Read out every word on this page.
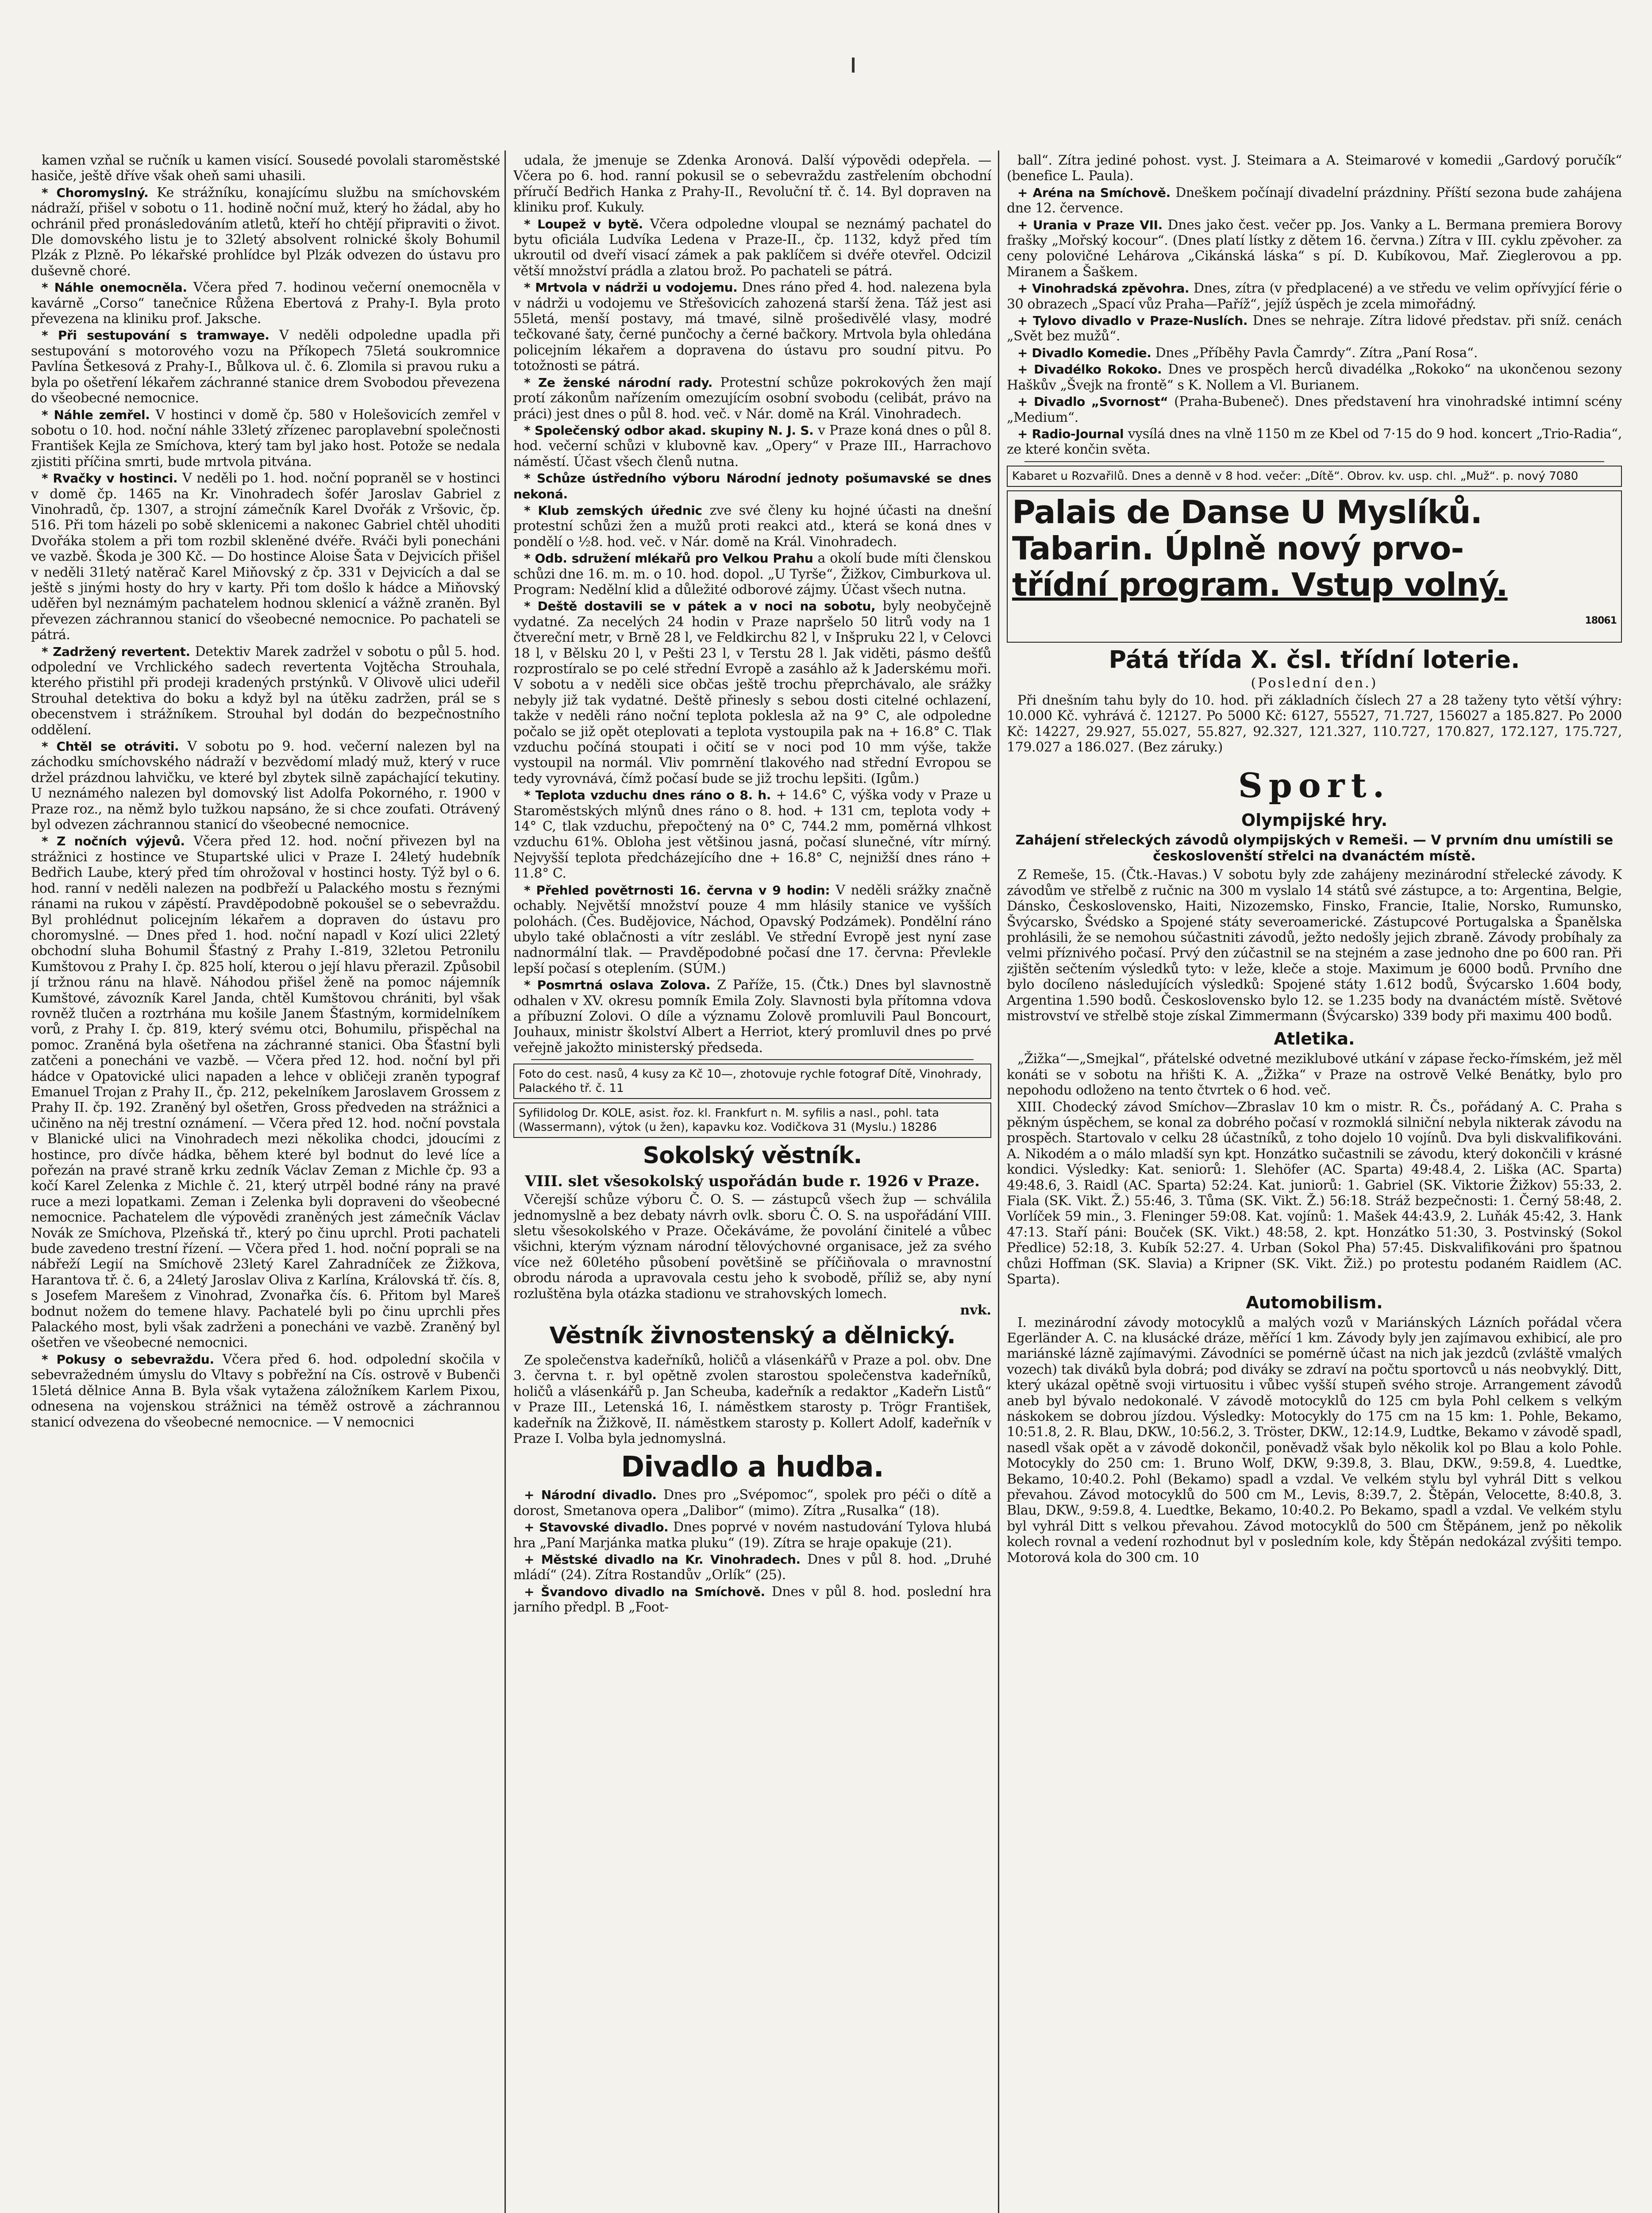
kamen vzňal se ručník u kamen visící. Sousedé povolali staroměstské hasiče, ještě dříve však oheň sami uhasili.

* Choromyslný. Ke strážníku, konajícímu službu na smíchovském nádraží, přišel v sobotu o 11. hodině noční muž, který ho žádal, aby ho ochránil před pronásledováním atletů, kteří ho chtějí připraviti o život. Dle domovského listu je to 32letý absolvent rolnické školy Bohumil Plzák z Plzně. Po lékařské prohlídce byl Plzák odvezen do ústavu pro duševně choré.

* Náhle onemocněla. Včera před 7. hodinou večerní onemocněla v kavárně „Corso“ tanečnice Růžena Ebertová z Prahy-I. Byla proto převezena na kliniku prof. Jaksche.

* Při sestupování s tramwaye. V neděli odpoledne upadla při sestupování s motorového vozu na Příkopech 75letá soukromnice Pavlína Šetkesová z Prahy-I., Bůlkova ul. č. 6. Zlomila si pravou ruku a byla po ošetření lékařem záchranné stanice drem Svobodou převezena do všeobecné nemocnice.

* Náhle zemřel. V hostinci v domě čp. 580 v Holešovicích zemřel v sobotu o 10. hod. noční náhle 33letý zřízenec paroplavební společnosti František Kejla ze Smíchova, který tam byl jako host. Potože se nedala zjistiti příčina smrti, bude mrtvola pitvána.

* Rvačky v hostinci. V neděli po 1. hod. noční popraněl se v hostinci v domě čp. 1465 na Kr. Vinohradech šofér Jaroslav Gabriel z Vinohradů, čp. 1307, a strojní zámečník Karel Dvořák z Vršovic, čp. 516. Při tom házeli po sobě sklenicemi a nakonec Gabriel chtěl uhoditi Dvořáka stolem a při tom rozbil skleněné dvéře. Rváči byli ponecháni ve vazbě. Škoda je 300 Kč. — Do hostince Aloise Šata v Dejvicích přišel v neděli 31letý natěrač Karel Miňovský z čp. 331 v Dejvicích a dal se ještě s jinými hosty do hry v karty. Při tom došlo k hádce a Miňovský uděřen byl neznámým pachatelem hodnou sklenicí a vážně zraněn. Byl převezen záchrannou stanicí do všeobecné nemocnice. Po pachateli se pátrá.

* Zadržený revertent. Detektiv Marek zadržel v sobotu o půl 5. hod. odpolední ve Vrchlického sadech revertenta Vojtěcha Strouhala, kterého přistihl při prodeji kradených prstýnků. V Olivově ulici udeřil Strouhal detektiva do boku a když byl na útěku zadržen, prál se s obecenstvem i strážníkem. Strouhal byl dodán do bezpečnostního oddělení.

* Chtěl se otráviti. V sobotu po 9. hod. večerní nalezen byl na záchodku smíchovského nádraží v bezvědomí mladý muž, který v ruce držel prázdnou lahvičku, ve které byl zbytek silně zapáchající tekutiny. U neznámého nalezen byl domovský list Adolfa Pokorného, r. 1900 v Praze roz., na němž bylo tužkou napsáno, že si chce zoufati. Otrávený byl odvezen záchrannou stanicí do všeobecné nemocnice.

* Z nočních výjevů. Včera před 12. hod. noční přivezen byl na strážnici z hostince ve Stupartské ulici v Praze I. 24letý hudebník Bedřich Laube, který před tím ohrožoval v hostinci hosty. Týž byl o 6. hod. ranní v neděli nalezen na podbřeží u Palackého mostu s řeznými ránami na rukou v zápěstí. Pravděpodobně pokoušel se o sebevraždu. Byl prohlédnut policejním lékařem a dopraven do ústavu pro choromyslné. — Dnes před 1. hod. noční napadl v Kozí ulici 22letý obchodní sluha Bohumil Šťastný z Prahy I.-819, 32letou Petronilu Kumštovou z Prahy I. čp. 825 holí, kterou o její hlavu přerazil. Způsobil jí tržnou ránu na hlavě. Náhodou přišel ženě na pomoc nájemník Kumštové, závozník Karel Janda, chtěl Kumštovou chrániti, byl však rovněž tlučen a roztrhána mu košile Janem Šťastným, kormidelníkem vorů, z Prahy I. čp. 819, který svému otci, Bohumilu, přispěchal na pomoc. Zraněná byla ošetřena na záchranné stanici. Oba Šťastní byli zatčeni a ponecháni ve vazbě. — Včera před 12. hod. noční byl při hádce v Opatovické ulici napaden a lehce v obličeji zraněn typograf Emanuel Trojan z Prahy II., čp. 212, pekelníkem Jaroslavem Grossem z Prahy II. čp. 192. Zraněný byl ošetřen, Gross předveden na strážnici a učiněno na něj trestní oznámení. — Včera před 12. hod. noční povstala v Blanické ulici na Vinohradech mezi několika chodci, jdoucími z hostince, pro dívče hádka, během které byl bodnut do levé líce a pořezán na pravé straně krku zedník Václav Zeman z Michle čp. 93 a kočí Karel Zelenka z Michle č. 21, který utrpěl bodné rány na pravé ruce a mezi lopatkami. Zeman i Zelenka byli dopraveni do všeobecné nemocnice. Pachatelem dle výpovědi zraněných jest zámečník Václav Novák ze Smíchova, Plzeňská tř., který po činu uprchl. Proti pachateli bude zavedeno trestní řízení. — Včera před 1. hod. noční poprali se na nábřeží Legií na Smíchově 23letý Karel Zahradníček ze Žižkova, Harantova tř. č. 6, a 24letý Jaroslav Oliva z Karlína, Královská tř. čís. 8, s Josefem Marešem z Vinohrad, Zvonařka čís. 6. Přitom byl Mareš bodnut nožem do temene hlavy. Pachatelé byli po činu uprchli přes Palackého most, byli však zadrženi a ponecháni ve vazbě. Zraněný byl ošetřen ve všeobecné nemocnici.

* Pokusy o sebevraždu. Včera před 6. hod. odpolední skočila v sebevražedném úmyslu do Vltavy s pobřežní na Cís. ostrově v Bubenči 15letá dělnice Anna B. Byla však vytažena záložníkem Karlem Pixou, odnesena na vojenskou strážnici na téměž ostrově a záchrannou stanicí odvezena do všeobecné nemocnice. — V nemocnici

udala, že jmenuje se Zdenka Aronová. Další výpovědi odepřela. — Včera po 6. hod. ranní pokusil se o sebevraždu zastřelením obchodní příručí Bedřich Hanka z Prahy-II., Revoluční tř. č. 14. Byl dopraven na kliniku prof. Kukuly.

* Loupež v bytě. Včera odpoledne vloupal se neznámý pachatel do bytu oficiála Ludvíka Ledena v Praze-II., čp. 1132, když před tím ukroutil od dveří visací zámek a pak paklíčem si dvéře otevřel. Odcizil větší množství prádla a zlatou brož. Po pachateli se pátrá.

* Mrtvola v nádrži u vodojemu. Dnes ráno před 4. hod. nalezena byla v nádrži u vodojemu ve Střešovicích zahozená starší žena. Táž jest asi 55letá, menší postavy, má tmavé, silně prošedivělé vlasy, modré tečkované šaty, černé punčochy a černé bačkory. Mrtvola byla ohledána policejním lékařem a dopravena do ústavu pro soudní pitvu. Po totožnosti se pátrá.

* Ze ženské národní rady. Protestní schůze pokrokových žen mají protí zákonům nařízením omezujícím osobní svobodu (celibát, právo na práci) jest dnes o půl 8. hod. več. v Nár. domě na Král. Vinohradech.

* Společenský odbor akad. skupiny N. J. S. v Praze koná dnes o půl 8. hod. večerní schůzi v klubovně kav. „Opery“ v Praze III., Harrachovo náměstí. Účast všech členů nutna.

* Schůze ústředního výboru Národní jednoty pošumavské se dnes nekoná.

* Klub zemských úřednic zve své členy ku hojné účasti na dnešní protestní schůzi žen a mužů proti reakci atd., která se koná dnes v pondělí o ½8. hod. več. v Nár. domě na Král. Vinohradech.

* Odb. sdružení mlékařů pro Velkou Prahu a okolí bude míti členskou schůzi dne 16. m. m. o 10. hod. dopol. „U Tyrše“, Žižkov, Cimburkova ul. Program: Nedělní klid a důležité odborové zájmy. Účast všech nutna.

* Deště dostavili se v pátek a v noci na sobotu, byly neobyčejně vydatné. Za necelých 24 hodin v Praze napršelo 50 litrů vody na 1 čtvereční metr, v Brně 28 l, ve Feldkirchu 82 l, v Inšpruku 22 l, v Celovci 18 l, v Bělsku 20 l, v Pešti 23 l, v Terstu 28 l. Jak viděti, pásmo dešťů rozprostíralo se po celé střední Evropě a zasáhlo až k Jaderskému moři. V sobotu a v neděli sice občas ještě trochu přeprchávalo, ale srážky nebyly již tak vydatné. Deště přinesly s sebou dosti citelné ochlazení, takže v neděli ráno noční teplota poklesla až na 9° C, ale odpoledne počalo se již opět oteplovati a teplota vystoupila pak na + 16.8° C. Tlak vzduchu počíná stoupati i očití se v noci pod 10 mm výše, takže vystoupil na normál. Vliv pomrnění tlakového nad střední Evropou se tedy vyrovnává, čímž počasí bude se již trochu lepšiti. (Igům.)

* Teplota vzduchu dnes ráno o 8. h. + 14.6° C, výška vody v Praze u Staroměstských mlýnů dnes ráno o 8. hod. + 131 cm, teplota vody + 14° C, tlak vzduchu, přepočtený na 0° C, 744.2 mm, poměrná vlhkost vzduchu 61%. Obloha jest většinou jasná, počasí slunečné, vítr mírný. Nejvyšší teplota předcházejícího dne + 16.8° C, nejnižší dnes ráno + 11.8° C.

* Přehled povětrnosti 16. června v 9 hodin: V neděli srážky značně ochably. Největší množství pouze 4 mm hlásily stanice ve vyšších polohách. (Čes. Budějovice, Náchod, Opavský Podzámek). Pondělní ráno ubylo také oblačnosti a vítr zeslábl. Ve střední Evropě jest nyní zase nadnormální tlak. — Pravděpodobné počasí dne 17. června: Převlekle lepší počasí s oteplením. (SÚM.)

* Posmrtná oslava Zolova. Z Paříže, 15. (Čtk.) Dnes byl slavnostně odhalen v XV. okresu pomník Emila Zoly. Slavnosti byla přítomna vdova a příbuzní Zolovi. O díle a významu Zolově promluvili Paul Boncourt, Jouhaux, ministr školství Albert a Herriot, který promluvil dnes po prvé veřejně jakožto ministerský předseda.

Foto do cest. nasů, 4 kusy za Kč 10—, zhotovuje rychle fotograf Dítě, Vinohrady, Palackého tř. č. 11
Syfilidolog Dr. KOLE, asist. řoz. kl. Frankfurt n. M. syfilis a nasl., pohl. tata (Wassermann), výtok (u žen), kapavku koz. Vodičkova 31 (Myslu.) 18286
Sokolský věstník.
VIII. slet všesokolský uspořádán bude r. 1926 v Praze.

Včerejší schůze výboru Č. O. S. — zástupců všech žup — schválila jednomyslně a bez debaty návrh ovlk. sboru Č. O. S. na uspořádání VIII. sletu všesokolského v Praze. Očekáváme, že povolání činitelé a vůbec všichni, kterým význam národní tělovýchovné organisace, jež za svého více než 60letého působení povětšině se příčiňovala o mravnostní obrodu národa a upravovala cestu jeho k svobodě, příliž se, aby nyní rozluštěna byla otázka stadionu ve strahovských lomech.

nvk.
Věstník živnostenský a dělnický.

Ze společenstva kadeřníků, holičů a vlásenkářů v Praze a pol. obv. Dne 3. června t. r. byl opětně zvolen starostou společenstva kadeřníků, holičů a vlásenkářů p. Jan Scheuba, kadeřník a redaktor „Kadeřn Listů“ v Praze III., Letenská 16, I. náměstkem starosty p. Trögr František, kadeřník na Žižkově, II. náměstkem starosty p. Kollert Adolf, kadeřník v Praze I. Volba byla jednomyslná.

Divadlo a hudba.

+ Národní divadlo. Dnes pro „Svépomoc“, spolek pro péči o dítě a dorost, Smetanova opera „Dalibor“ (mimo). Zítra „Rusalka“ (18).

+ Stavovské divadlo. Dnes poprvé v novém nastudování Tylova hlubá hra „Paní Marjánka matka pluku“ (19). Zítra se hraje opakuje (21).

+ Městské divadlo na Kr. Vinohradech. Dnes v půl 8. hod. „Druhé mládí“ (24). Zítra Rostandův „Orlík“ (25).

+ Švandovo divadlo na Smíchově. Dnes v půl 8. hod. poslední hra jarního předpl. B „Foot-

ball“. Zítra jediné pohost. vyst. J. Steimara a A. Steimarové v komedii „Gardový poručík“ (benefice L. Paula).

+ Aréna na Smíchově. Dneškem počínají divadelní prázdniny. Příští sezona bude zahájena dne 12. července.

+ Urania v Praze VII. Dnes jako čest. večer pp. Jos. Vanky a L. Bermana premiera Borovy frašky „Mořský kocour“. (Dnes platí lístky z dětem 16. června.) Zítra v III. cyklu zpěvoher. za ceny polovičné Lehárova „Cikánská láska“ s pí. D. Kubíkovou, Mař. Zieglerovou a pp. Miranem a Šaškem.

+ Vinohradská zpěvohra. Dnes, zítra (v předplacené) a ve středu ve velim opřívyjící férie o 30 obrazech „Spací vůz Praha—Paříž“, jejíž úspěch je zcela mimořádný.

+ Tylovo divadlo v Praze-Nuslích. Dnes se nehraje. Zítra lidové představ. při sníž. cenách „Svět bez mužů“.

+ Divadlo Komedie. Dnes „Příběhy Pavla Čamrdy“. Zítra „Paní Rosa“.

+ Divadélko Rokoko. Dnes ve prospěch herců divadélka „Rokoko“ na ukončenou sezony Haškův „Švejk na frontě“ s K. Nollem a Vl. Burianem.

+ Divadlo „Svornost“ (Praha-Bubeneč). Dnes představení hra vinohradské intimní scény „Medium“.

+ Radio-Journal vysílá dnes na vlně 1150 m ze Kbel od 7·15 do 9 hod. koncert „Trio-Radia“, ze které končin světa.

Kabaret u Rozvařilů. Dnes a denně v 8 hod. večer: „Dítě“. Obrov. kv. usp. chl. „Muž“. p. nový 7080
Palais de Danse U Myslíků.
Tabarin. Úplně nový prvo-
třídní program. Vstup volný.
18061
Pátá třída X. čsl. třídní loterie.
(Poslední den.)

Při dnešním tahu byly do 10. hod. při základních číslech 27 a 28 taženy tyto větší výhry: 10.000 Kč. vyhrává č. 12127. Po 5000 Kč: 6127, 55527, 71.727, 156027 a 185.827. Po 2000 Kč: 14227, 29.927, 55.027, 55.827, 92.327, 121.327, 110.727, 170.827, 172.127, 175.727, 179.027 a 186.027. (Bez záruky.)

Sport.
Olympijské hry.
Zahájení střeleckých závodů olympijských v Remeši. — V prvním dnu umístili se českoslovenští střelci na dvanáctém místě.

Z Remeše, 15. (Čtk.-Havas.) V sobotu byly zde zahájeny mezinárodní střelecké závody. K závodům ve střelbě z ručnic na 300 m vyslalo 14 států své zástupce, a to: Argentina, Belgie, Dánsko, Československo, Haiti, Nizozemsko, Finsko, Francie, Italie, Norsko, Rumunsko, Švýcarsko, Švédsko a Spojené státy severoamerické. Zástupcové Portugalska a Španělska prohlásili, že se nemohou súčastniti závodů, ježto nedošly jejich zbraně. Závody probíhaly za velmi příznivého počasí. Prvý den zúčastnil se na stejném a zase jednoho dne po 600 ran. Při zjištěn sečtením výsledků tyto: v leže, kleče a stoje. Maximum je 6000 bodů. Prvního dne bylo docíleno následujících výsledků: Spojené státy 1.612 bodů, Švýcarsko 1.604 body, Argentina 1.590 bodů. Československo bylo 12. se 1.235 body na dvanáctém místě. Světové mistrovství ve střelbě stoje získal Zimmermann (Švýcarsko) 339 body při maximu 400 bodů.

Atletika.

„Žižka“—„Smejkal“, přátelské odvetné meziklubové utkání v zápase řecko-římském, jež měl konáti se v sobotu na hřišti K. A. „Žižka“ v Praze na ostrově Velké Benátky, bylo pro nepohodu odloženo na tento čtvrtek o 6 hod. več.

XIII. Chodecký závod Smíchov—Zbraslav 10 km o mistr. R. Čs., pořádaný A. C. Praha s pěkným úspěchem, se konal za dobrého počasí v rozmoklá silniční nebyla nikterak závodu na prospěch. Startovalo v celku 28 účastníků, z toho dojelo 10 vojínů. Dva byli diskvalifikováni. A. Nikodém a o málo mladší syn kpt. Honzátko sučastnili se závodu, který dokončili v krásné kondici. Výsledky: Kat. seniorů: 1. Slehöfer (AC. Sparta) 49:48.4, 2. Liška (AC. Sparta) 49:48.6, 3. Raidl (AC. Sparta) 52:24. Kat. juniorů: 1. Gabriel (SK. Viktorie Žižkov) 55:33, 2. Fiala (SK. Vikt. Ž.) 55:46, 3. Tůma (SK. Vikt. Ž.) 56:18. Stráž bezpečnosti: 1. Černý 58:48, 2. Vorlíček 59 min., 3. Fleninger 59:08. Kat. vojínů: 1. Mašek 44:43.9, 2. Luňák 45:42, 3. Hank 47:13. Staří páni: Bouček (SK. Vikt.) 48:58, 2. kpt. Honzátko 51:30, 3. Postvinský (Sokol Předlice) 52:18, 3. Kubík 52:27. 4. Urban (Sokol Pha) 57:45. Diskvalifikováni pro špatnou chůzi Hoffman (SK. Slavia) a Kripner (SK. Vikt. Žiž.) po protestu podaném Raidlem (AC. Sparta).

Automobilism.

I. mezinárodní závody motocyklů a malých vozů v Mariánských Lázních pořádal včera Egerländer A. C. na klusácké dráze, měřící 1 km. Závody byly jen zajímavou exhibicí, ale pro mariánské lázně zajímavými. Závodníci se pomérně účast na nich jak jezdců (zvláště vmalých vozech) tak diváků byla dobrá; pod diváky se zdraví na počtu sportovců u nás neobvyklý. Ditt, který ukázal opětně svoji virtuositu i vůbec vyšší stupeň svého stroje. Arrangement závodů aneb byl bývalo nedokonalé. V závodě motocyklů do 125 cm byla Pohl celkem s velkým náskokem se dobrou jízdou. Výsledky: Motocykly do 175 cm na 15 km: 1. Pohle, Bekamo, 10:51.8, 2. R. Blau, DKW., 10:56.2, 3. Tröster, DKW., 12:14.9, Ludtke, Bekamo v závodě spadl, nasedl však opět a v závodě dokončil, poněvadž však bylo několik kol po Blau a kolo Pohle. Motocykly do 250 cm: 1. Bruno Wolf, DKW, 9:39.8, 3. Blau, DKW., 9:59.8, 4. Luedtke, Bekamo, 10:40.2. Pohl (Bekamo) spadl a vzdal. Ve velkém stylu byl vyhrál Ditt s velkou převahou. Závod motocyklů do 500 cm M., Levis, 8:39.7, 2. Štěpán, Velocette, 8:40.8, 3. Blau, DKW., 9:59.8, 4. Luedtke, Bekamo, 10:40.2. Po Bekamo, spadl a vzdal. Ve velkém stylu byl vyhrál Ditt s velkou převahou. Závod motocyklů do 500 cm Štěpánem, jenž po několik kolech rovnal a vedení rozhodnut byl v posledním kole, kdy Štěpán nedokázal zvýšiti tempo. Motorová kola do 300 cm. 10
